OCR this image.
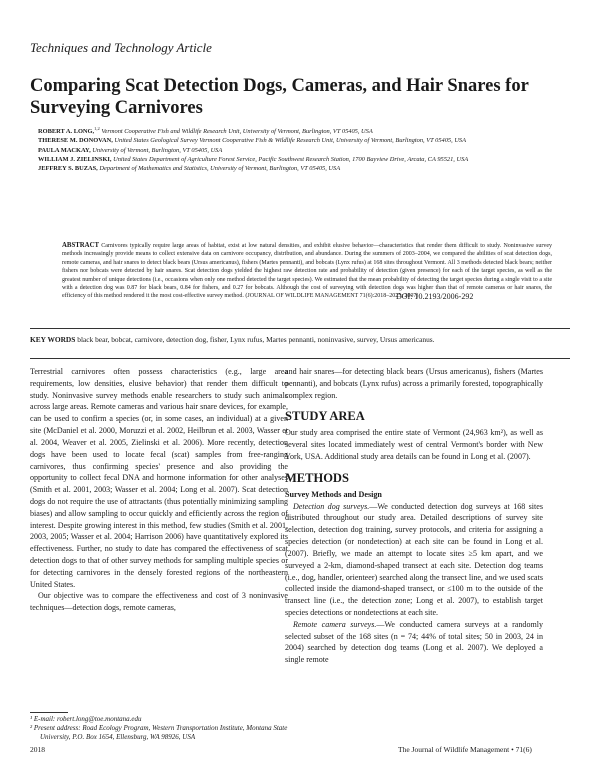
Techniques and Technology Article
Comparing Scat Detection Dogs, Cameras, and Hair Snares for Surveying Carnivores
ROBERT A. LONG,$^{1,2}$ Vermont Cooperative Fish and Wildlife Research Unit, University of Vermont, Burlington, VT 05405, USA
THERESE M. DONOVAN, United States Geological Survey Vermont Cooperative Fish & Wildlife Research Unit, University of Vermont, Burlington, VT 05405, USA
PAULA MACKAY, University of Vermont, Burlington, VT 05405, USA
WILLIAM J. ZIELINSKI, United States Department of Agriculture Forest Service, Pacific Southwest Research Station, 1700 Bayview Drive, Arcata, CA 95521, USA
JEFFREY S. BUZAS, Department of Mathematics and Statistics, University of Vermont, Burlington, VT 05405, USA
ABSTRACT Carnivores typically require large areas of habitat, exist at low natural densities, and exhibit elusive behavior—characteristics that render them difficult to study. Noninvasive survey methods increasingly provide means to collect extensive data on carnivore occupancy, distribution, and abundance. During the summers of 2003–2004, we compared the abilities of scat detection dogs, remote cameras, and hair snares to detect black bears (Ursus americanus), fishers (Martes pennanti), and bobcats (Lynx rufus) at 168 sites throughout Vermont. All 3 methods detected black bears; neither fishers nor bobcats were detected by hair snares. Scat detection dogs yielded the highest raw detection rate and probability of detection (given presence) for each of the target species, as well as the greatest number of unique detections (i.e., occasions when only one method detected the target species). We estimated that the mean probability of detecting the target species during a single visit to a site with a detection dog was 0.87 for black bears, 0.84 for fishers, and 0.27 for bobcats. Although the cost of surveying with detection dogs was higher than that of remote cameras or hair snares, the efficiency of this method rendered it the most cost-effective survey method. (JOURNAL OF WILDLIFE MANAGEMENT 71(6):2018–2025; 2007)
DOI: 10.2193/2006-292
KEY WORDS black bear, bobcat, carnivore, detection dog, fisher, Lynx rufus, Martes pennanti, noninvasive, survey, Ursus americanus.

Terrestrial carnivores often possess characteristics (e.g., large area requirements, low densities, elusive behavior) that render them difficult to study. Noninvasive survey methods enable researchers to study such animals across large areas. Remote cameras and various hair snare devices, for example, can be used to confirm a species (or, in some cases, an individual) at a given site (McDaniel et al. 2000, Moruzzi et al. 2002, Heilbrun et al. 2003, Wasser et al. 2004, Weaver et al. 2005, Zielinski et al. 2006). More recently, detection dogs have been used to locate fecal (scat) samples from free-ranging carnivores, thus confirming species' presence and also providing the opportunity to collect fecal DNA and hormone information for other analyses (Smith et al. 2001, 2003; Wasser et al. 2004; Long et al. 2007). Scat detection dogs do not require the use of attractants (thus potentially minimizing sampling biases) and allow sampling to occur quickly and efficiently across the region of interest. Despite growing interest in this method, few studies (Smith et al. 2001, 2003, 2005; Wasser et al. 2004; Harrison 2006) have quantitatively explored its effectiveness. Further, no study to date has compared the effectiveness of scat detection dogs to that of other survey methods for sampling multiple species or for detecting carnivores in the densely forested regions of the northeastern United States.

Our objective was to compare the effectiveness and cost of 3 noninvasive techniques—detection dogs, remote cameras,

¹ E-mail: robert.long@toe.montana.edu
² Present address: Road Ecology Program, Western Transportation Institute, Montana State University, P.O. Box 1654, Ellensburg, WA 98926, USA

and hair snares—for detecting black bears (Ursus americanus), fishers (Martes pennanti), and bobcats (Lynx rufus) across a primarily forested, topographically complex region.

STUDY AREA

Our study area comprised the entire state of Vermont (24,963 km²), as well as several sites located immediately west of central Vermont's border with New York, USA. Additional study area details can be found in Long et al. (2007).

METHODS
Survey Methods and Design

Detection dog surveys.—We conducted detection dog surveys at 168 sites distributed throughout our study area. Detailed descriptions of survey site selection, detection dog training, survey protocols, and criteria for assigning a species detection (or nondetection) at each site can be found in Long et al. (2007). Briefly, we made an attempt to locate sites ≥5 km apart, and we surveyed a 2-km, diamond-shaped transect at each site. Detection dog teams (i.e., dog, handler, orienteer) searched along the transect line, and we used scats collected inside the diamond-shaped transect, or ≤100 m to the outside of the transect line (i.e., the detection zone; Long et al. 2007), to establish target species detections or nondetections at each site.

Remote camera surveys.—We conducted camera surveys at a randomly selected subset of the 168 sites (n = 74; 44% of total sites; 50 in 2003, 24 in 2004) searched by detection dog teams (Long et al. 2007). We deployed a single remote

2018	The Journal of Wildlife Management • 71(6)
